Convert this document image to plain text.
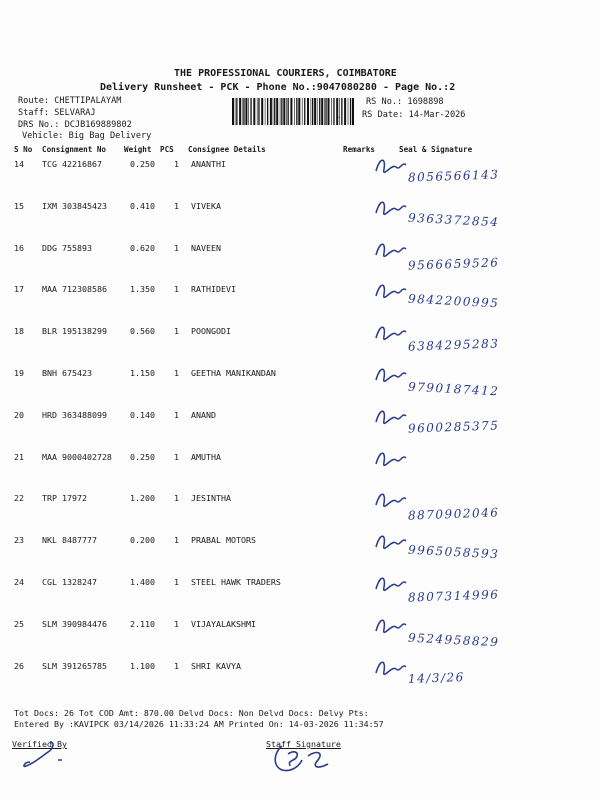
THE PROFESSIONAL COURIERS, COIMBATORE
Delivery Runsheet - PCK - Phone No.:9047080280 - Page No.:2
Route: CHETTIPALAYAM
Staff: SELVARAJ
DRS No.: DCJB169889802
Vehicle: Big Bag Delivery
RS No.: 1698898
RS Date: 14-Mar-2026
.
S No Consignment No Weight PCS Consignee Details	Remarks	Seal & Signature
14 TCG 42216867	0.250 1 ANANTHI
8056566143
15 IXM 303845423	0.410 1 VIVEKA
9363372854
16 DDG 755893	0.620 1 NAVEEN
9566659526
17 MAA 712308586	1.350 1 RATHIDEVI
9842200995
18 BLR 195138299	0.560 1 POONGODI
6384295283
19 BNH 675423	1.150 1 GEETHA MANIKANDAN
9790187412
20 HRD 363488099	0.140 1 ANAND
9600285375
21 MAA 9000402728 0.250 1 AMUTHA
22 TRP 17972	1.200 1 JESINTHA
8870902046
23 NKL 8487777	0.200 1 PRABAL MOTORS
9965058593
24 CGL 1328247	1.400 1 STEEL HAWK TRADERS
8807314996
25 SLM 390984476	2.110 1 VIJAYALAKSHMI
9524958829
26 SLM 391265785	1.100 1 SHRI KAVYA
14/3/26
Tot Docs: 26 Tot COD Amt: 870.00 Delvd Docs: Non Delvd Docs: Delvy Pts:
Entered By :KAVIPCK 03/14/2026 11:33:24 AM Printed On: 14-03-2026 11:34:57
Verified By	Staff Signature
